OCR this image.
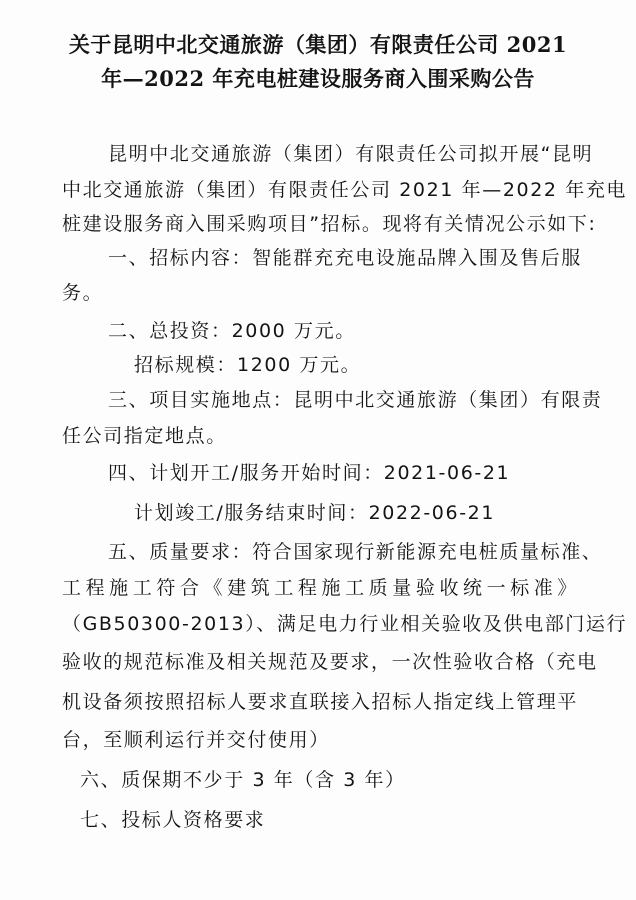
关于昆明中北交通旅游（集团）有限责任公司 2021
年—2022 年充电桩建设服务商入围采购公告

昆明中北交通旅游（集团）有限责任公司拟开展“昆明

中北交通旅游（集团）有限责任公司 2021 年—2022 年充电

桩建设服务商入围采购项目”招标。现将有关情况公示如下:

一、招标内容：智能群充充电设施品牌入围及售后服

务。

二、总投资：2000 万元。

招标规模：1200 万元。

三、项目实施地点：昆明中北交通旅游（集团）有限责

任公司指定地点。

四、计划开工/服务开始时间：2021-06-21

计划竣工/服务结束时间：2022-06-21

五、质量要求：符合国家现行新能源充电桩质量标准、

工程施工符合《建筑工程施工质量验收统一标准》

（GB50300-2013）、满足电力行业相关验收及供电部门运行

验收的规范标准及相关规范及要求，一次性验收合格（充电

机设备须按照招标人要求直联接入招标人指定线上管理平

台，至顺利运行并交付使用）

六、质保期不少于 3 年（含 3 年）

七、投标人资格要求
